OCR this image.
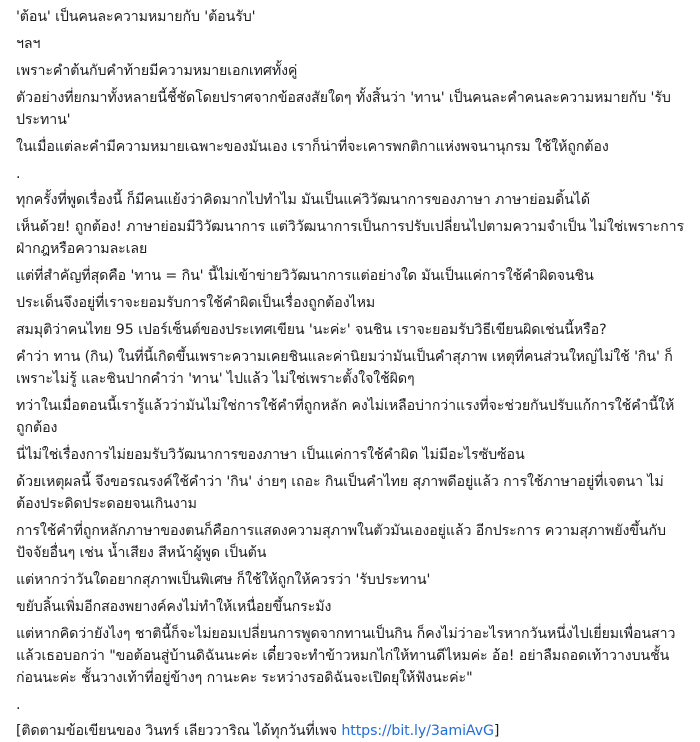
'ต้อน' เป็นคนละความหมายกับ 'ต้อนรับ'

ฯลฯ

เพราะคำต้นกับคำท้ายมีความหมายเอกเทศทั้งคู่

ตัวอย่างที่ยกมาทั้งหลายนี้ชี้ชัดโดยปราศจากข้อสงสัยใดๆ ทั้งสิ้นว่า 'ทาน' เป็นคนละคำคนละความหมายกับ 'รับประทาน'

ในเมื่อแต่ละคำมีความหมายเฉพาะของมันเอง เราก็น่าที่จะเคารพกติกาแห่งพจนานุกรม ใช้ให้ถูกต้อง

.

ทุกครั้งที่พูดเรื่องนี้ ก็มีคนแย้งว่าคิดมากไปทำไม มันเป็นแค่วิวัฒนาการของภาษา ภาษาย่อมดิ้นได้

เห็นด้วย! ถูกต้อง! ภาษาย่อมมีวิวัฒนาการ แต่วิวัฒนาการเป็นการปรับเปลี่ยนไปตามความจำเป็น ไม่ใช่เพราะการฝ่ากฎหรือความละเลย

แต่ที่สำคัญที่สุดคือ 'ทาน = กิน' นี้ไม่เข้าข่ายวิวัฒนาการแต่อย่างใด มันเป็นแค่การใช้คำผิดจนชิน

ประเด็นจึงอยู่ที่เราจะยอมรับการใช้คำผิดเป็นเรื่องถูกต้องไหม

สมมุติว่าคนไทย 95 เปอร์เซ็นต์ของประเทศเขียน 'นะค่ะ' จนชิน เราจะยอมรับวิธีเขียนผิดเช่นนี้หรือ?

คำว่า ทาน (กิน) ในที่นี้เกิดขึ้นเพราะความเคยชินและค่านิยมว่ามันเป็นคำสุภาพ เหตุที่คนส่วนใหญ่ไม่ใช้ 'กิน' ก็เพราะไม่รู้ และชินปากคำว่า 'ทาน' ไปแล้ว ไม่ใช่เพราะตั้งใจใช้ผิดๆ

ทว่าในเมื่อตอนนี้เรารู้แล้วว่ามันไม่ใช่การใช้คำที่ถูกหลัก คงไม่เหลือบ่ากว่าแรงที่จะช่วยกันปรับแก้การใช้คำนี้ให้ถูกต้อง

นี่ไม่ใช่เรื่องการไม่ยอมรับวิวัฒนาการของภาษา เป็นแค่การใช้คำผิด ไม่มีอะไรซับซ้อน

ด้วยเหตุผลนี้ จึงขอรณรงค์ใช้คำว่า 'กิน' ง่ายๆ เถอะ กินเป็นคำไทย สุภาพดีอยู่แล้ว การใช้ภาษาอยู่ที่เจตนา ไม่ต้องประดิดประดอยจนเกินงาม

การใช้คำที่ถูกหลักภาษาของตนก็คือการแสดงความสุภาพในตัวมันเองอยู่แล้ว อีกประการ ความสุภาพยังขึ้นกับปัจจัยอื่นๆ เช่น น้ำเสียง สีหน้าผู้พูด เป็นต้น

แต่หากว่าวันใดอยากสุภาพเป็นพิเศษ ก็ใช้ให้ถูกให้ควรว่า 'รับประทาน'

ขยับลิ้นเพิ่มอีกสองพยางค์คงไม่ทำให้เหนื่อยขึ้นกระมัง

แต่หากคิดว่ายังไงๆ ชาตินี้ก็จะไม่ยอมเปลี่ยนการพูดจากทานเป็นกิน ก็คงไม่ว่าอะไรหากวันหนึ่งไปเยี่ยมเพื่อนสาว แล้วเธอบอกว่า "ขอต้อนสู่บ้านดิฉันนะค่ะ เดี๋ยวจะทำข้าวหมกไก่ให้ทานดีไหมค่ะ อ้อ! อย่าลืมถอดเท้าวางบนชั้นก่อนนะค่ะ ชั้นวางเท้าที่อยู่ข้างๆ กานะคะ ระหว่างรอดิฉันจะเปิดยุให้ฟังนะค่ะ"

.

[ติดตามข้อเขียนของ วินทร์ เลียววาริณ ได้ทุกวันที่เพจ https://bit.ly/3amiAvG]
